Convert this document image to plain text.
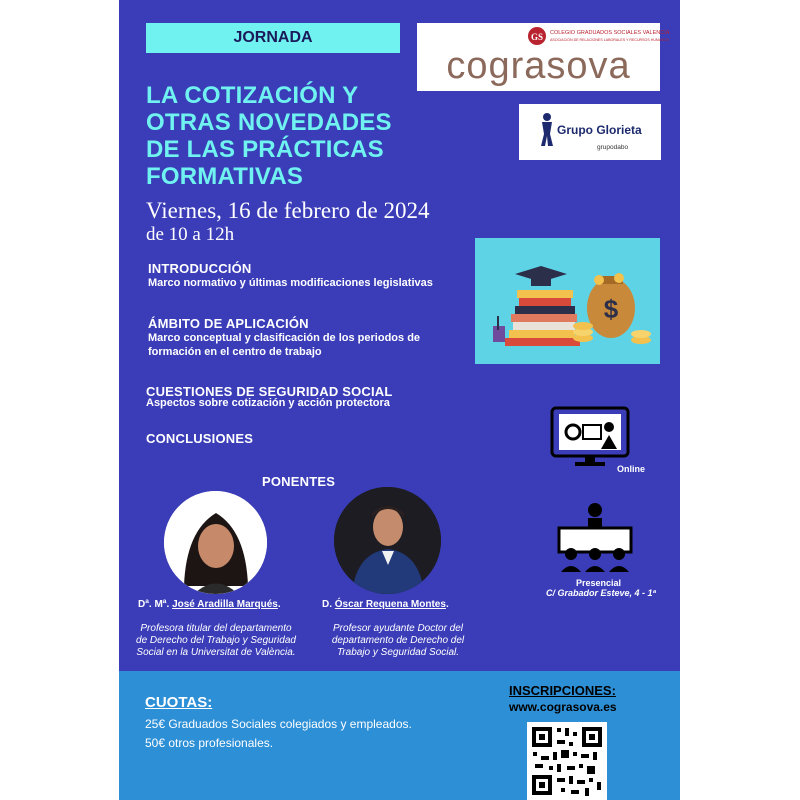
JORNADA
LA COTIZACIÓN Y
OTRAS NOVEDADES
DE LAS PRÁCTICAS
FORMATIVAS
Viernes, 16 de febrero de 2024
de 10 a 12h
GS COLEGIO GRADUADOS SOCIALES VALENCIA
ASOCIACIÓN DE RELACIONES LABORALES Y RECURSOS HUMANOS
cograsova
Grupo Glorieta
grupodabo
$
INTRODUCCIÓN
Marco normativo y últimas modificaciones legislativas
ÁMBITO DE APLICACIÓN
Marco conceptual y clasificación de los periodos de formación en el centro de trabajo
CUESTIONES DE SEGURIDAD SOCIAL
Aspectos sobre cotización y acción protectora
CONCLUSIONES
Online
Presencial
C/ Grabador Esteve, 4 - 1ª
PONENTES
Dª. Mª. José Aradilla Marqués.
Profesora titular del departamento de Derecho del Trabajo y Seguridad Social en la Universitat de València.
D. Óscar Requena Montes.
Profesor ayudante Doctor del departamento de Derecho del Trabajo y Seguridad Social.
CUOTAS:
25€ Graduados Sociales colegiados y empleados.
50€ otros profesionales.
INSCRIPCIONES:
www.cograsova.es
